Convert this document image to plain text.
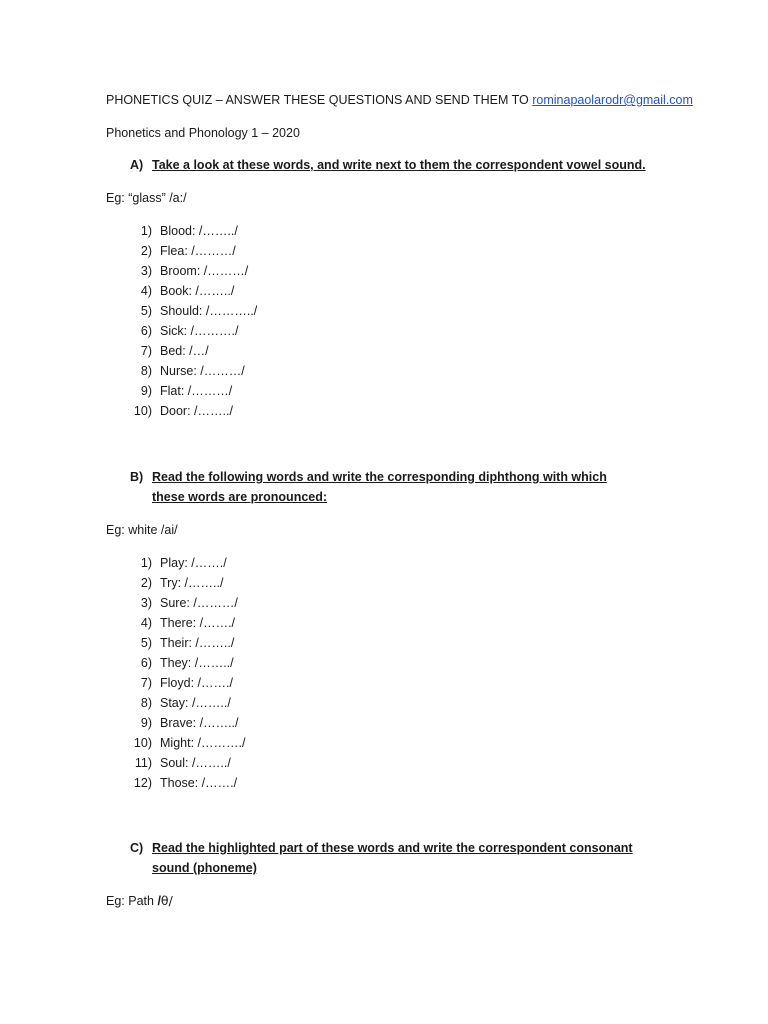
PHONETICS QUIZ – ANSWER THESE QUESTIONS AND SEND THEM TO rominapaolarodr@gmail.com
Phonetics and Phonology 1 – 2020
A) Take a look at these words, and write next to them the correspondent vowel sound.
Eg: “glass” /a:/
1) Blood: /……../
2) Flea: /………/
3) Broom: /………/
4) Book: /……../
5) Should: /………../
6) Sick: /………./
7) Bed: /…/
8) Nurse: /………/
9) Flat: /………/
10) Door: /……../
B) Read the following words and write the corresponding diphthong with which these words are pronounced:
Eg: white /ai/
1) Play: /……./
2) Try: /……../
3) Sure: /………/
4) There: /……./
5) Their: /……../
6) They: /……../
7) Floyd: /……./
8) Stay: /……../
9) Brave: /……../
10) Might: /………./
11) Soul: /……../
12) Those: /……./
C) Read the highlighted part of these words and write the correspondent consonant sound (phoneme)
Eg: Path /θ/
